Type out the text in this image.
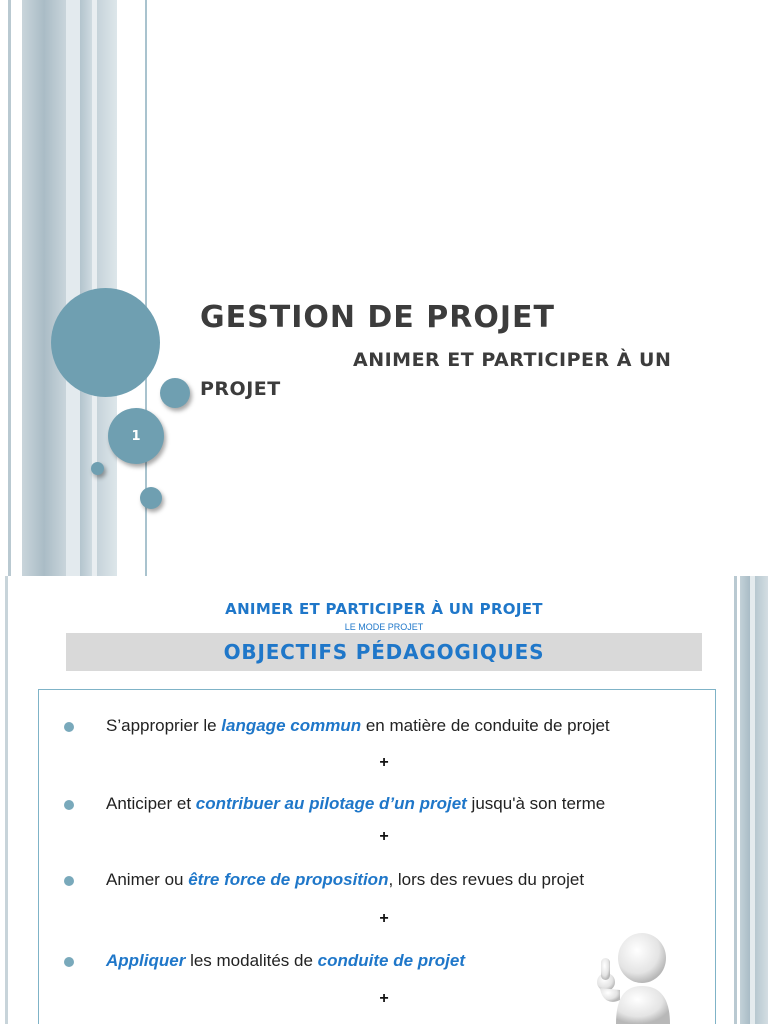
1
GESTION DE PROJET

ANIMER ET PARTICIPER À UN PROJET

ANIMER ET PARTICIPER À UN PROJET
LE MODE PROJET
OBJECTIFS PÉDAGOGIQUES
S’approprier le langage commun en matière de conduite de projet
+
Anticiper et contribuer au pilotage d’un projet jusqu'à son terme
+
Animer ou être force de proposition, lors des revues du projet
+
Appliquer les modalités de conduite de projet
+
